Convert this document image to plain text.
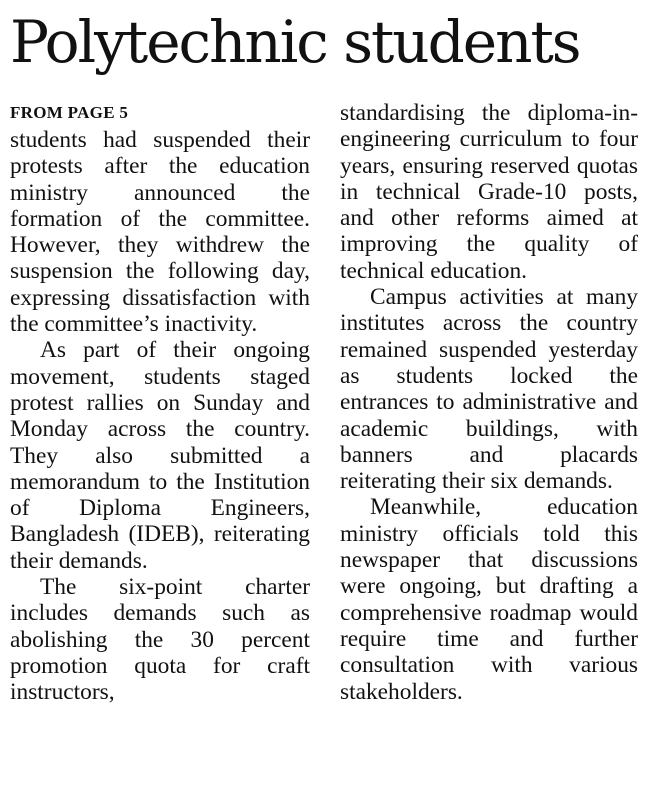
Polytechnic students
FROM PAGE 5

students had suspended their protests after the education ministry announced the formation of the committee. However, they withdrew the suspension the following day, expressing dissatisfaction with the committee’s inactivity.

As part of their ongoing movement, students staged protest rallies on Sunday and Monday across the country. They also submitted a memorandum to the Institution of Diploma Engineers, Bangladesh (IDEB), reiterating their demands.

The six-point charter includes demands such as abolishing the 30 percent promotion quota for craft instructors,

standardising the diploma-in-engineering curriculum to four years, ensuring reserved quotas in technical Grade-10 posts, and other reforms aimed at improving the quality of technical education.

Campus activities at many institutes across the country remained suspended yesterday as students locked the entrances to administrative and academic buildings, with banners and placards reiterating their six demands.

Meanwhile, education ministry officials told this newspaper that discussions were ongoing, but drafting a comprehensive roadmap would require time and further consultation with various stakeholders.
